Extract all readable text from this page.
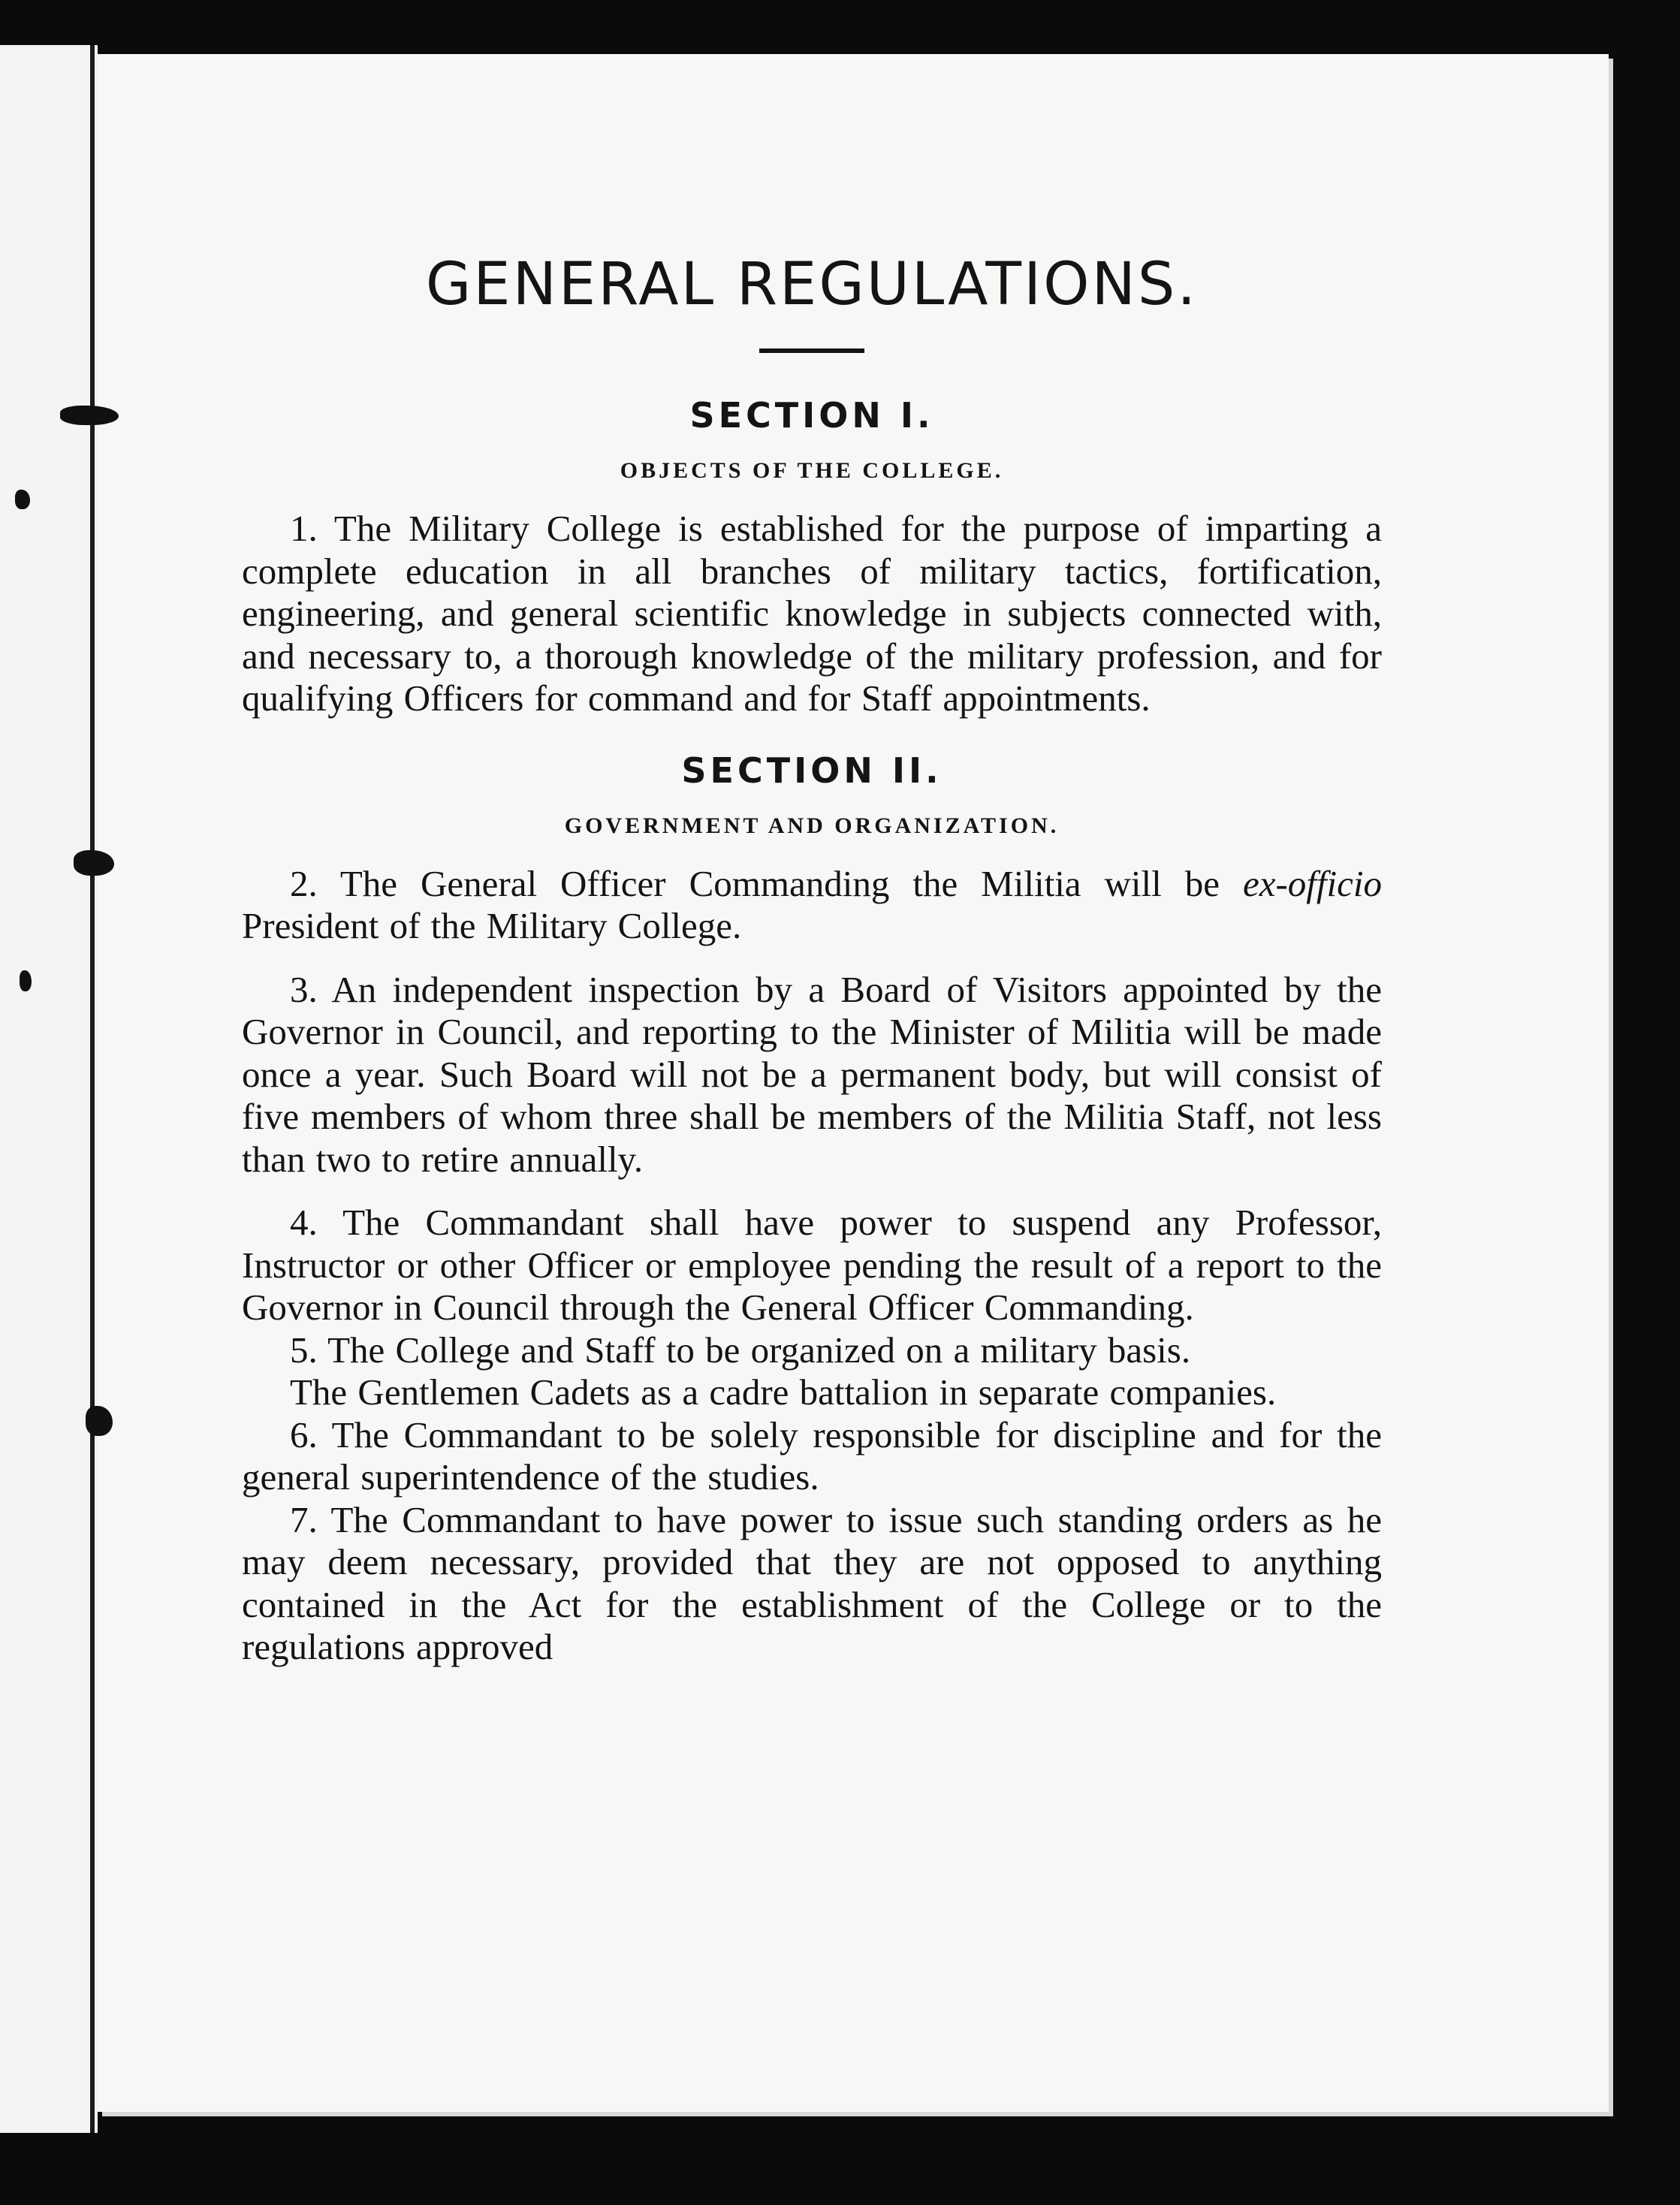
GENERAL REGULATIONS.
SECTION I.
OBJECTS OF THE COLLEGE.

1. The Military College is established for the purpose of imparting a complete education in all branches of military tactics, fortification, engineering, and general scientific knowledge in subjects connected with, and necessary to, a thorough knowledge of the military profession, and for qualifying Officers for command and for Staff appointments.

SECTION II.
GOVERNMENT AND ORGANIZATION.

2. The General Officer Commanding the Militia will be ex-officio President of the Military College.

3. An independent inspection by a Board of Visitors appointed by the Governor in Council, and reporting to the Minister of Militia will be made once a year. Such Board will not be a permanent body, but will consist of five members of whom three shall be members of the Militia Staff, not less than two to retire annually.

4. The Commandant shall have power to suspend any Professor, Instructor or other Officer or employee pending the result of a report to the Governor in Council through the General Officer Commanding.

5. The College and Staff to be organized on a military basis.

The Gentlemen Cadets as a cadre battalion in separate companies.

6. The Commandant to be solely responsible for discipline and for the general superintendence of the studies.

7. The Commandant to have power to issue such standing orders as he may deem necessary, provided that they are not opposed to anything contained in the Act for the establishment of the College or to the regulations approved
